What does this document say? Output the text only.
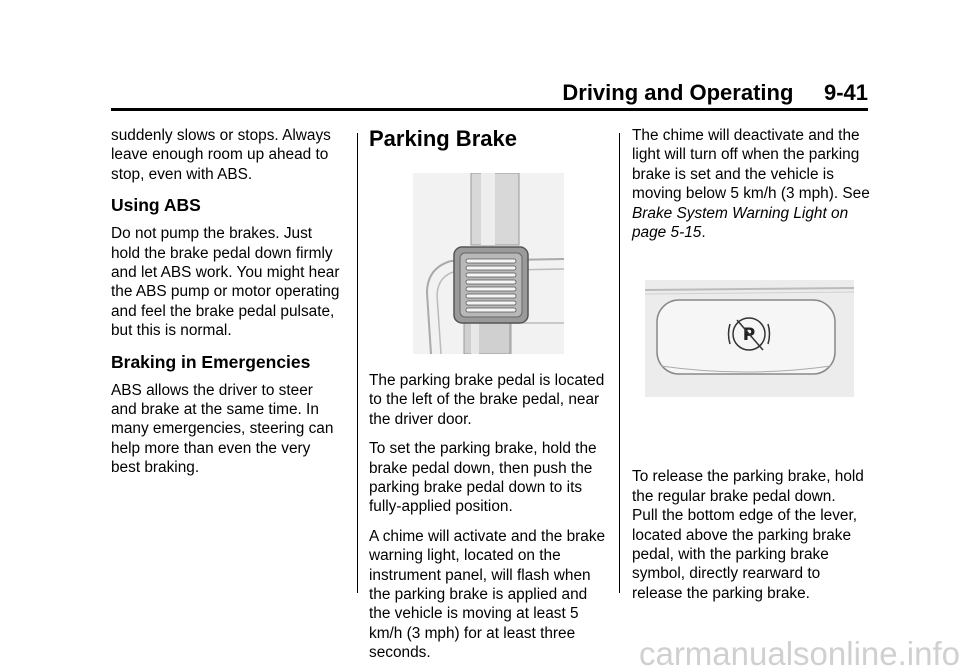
Driving and Operating     9-41

suddenly slows or stops. Always leave enough room up ahead to stop, even with ABS.

Using ABS

Do not pump the brakes. Just hold the brake pedal down firmly and let ABS work. You might hear the ABS pump or motor operating and feel the brake pedal pulsate, but this is normal.

Braking in Emergencies

ABS allows the driver to steer and brake at the same time. In many emergencies, steering can help more than even the very best braking.

Parking Brake

The parking brake pedal is located to the left of the brake pedal, near the driver door.

To set the parking brake, hold the brake pedal down, then push the parking brake pedal down to its fully-applied position.

A chime will activate and the brake warning light, located on the instrument panel, will flash when the parking brake is applied and the vehicle is moving at least 5 km/h (3 mph) for at least three seconds.

The chime will deactivate and the light will turn off when the parking brake is set and the vehicle is moving below 5 km/h (3 mph). See Brake System Warning Light on page 5-15.

To release the parking brake, hold the regular brake pedal down.

Pull the bottom edge of the lever, located above the parking brake pedal, with the parking brake symbol, directly rearward to release the parking brake.

P
carmanualsonline.info
